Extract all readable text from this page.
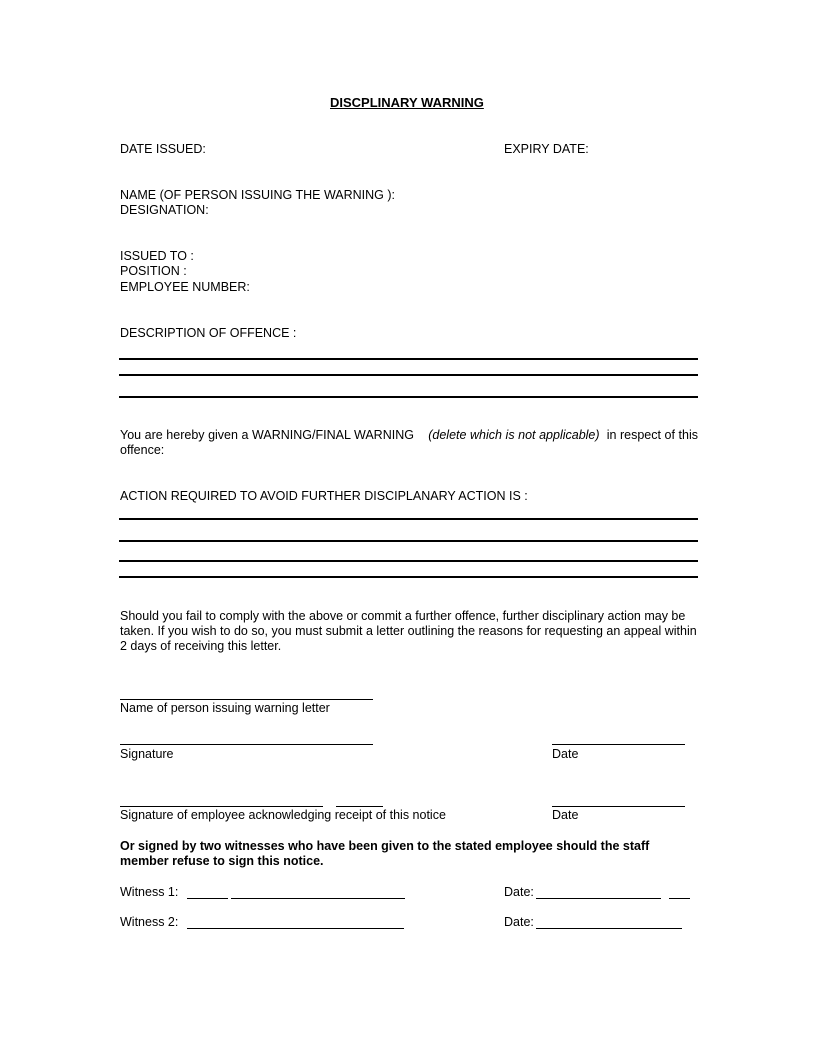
DISCPLINARY WARNING
DATE ISSUED:	EXPIRY DATE:
NAME (OF PERSON ISSUING THE WARNING ):
DESIGNATION:
ISSUED TO :
POSITION :
EMPLOYEE NUMBER:
DESCRIPTION OF OFFENCE :
You are hereby given a WARNING/FINAL WARNING (delete which is not applicable) in respect of this offence:
ACTION REQUIRED TO AVOID FURTHER DISCIPLANARY ACTION IS :
Should you fail to comply with the above or commit a further offence, further disciplinary action may be taken. If you wish to do so, you must submit a letter outlining the reasons for requesting an appeal within 2 days of receiving this letter.
Name of person issuing warning letter
Signature	Date
Signature of employee acknowledging receipt of this notice	Date
Or signed by two witnesses who have been given to the stated employee should the staff member refuse to sign this notice.
Witness 1:	Date:
Witness 2:	Date:
